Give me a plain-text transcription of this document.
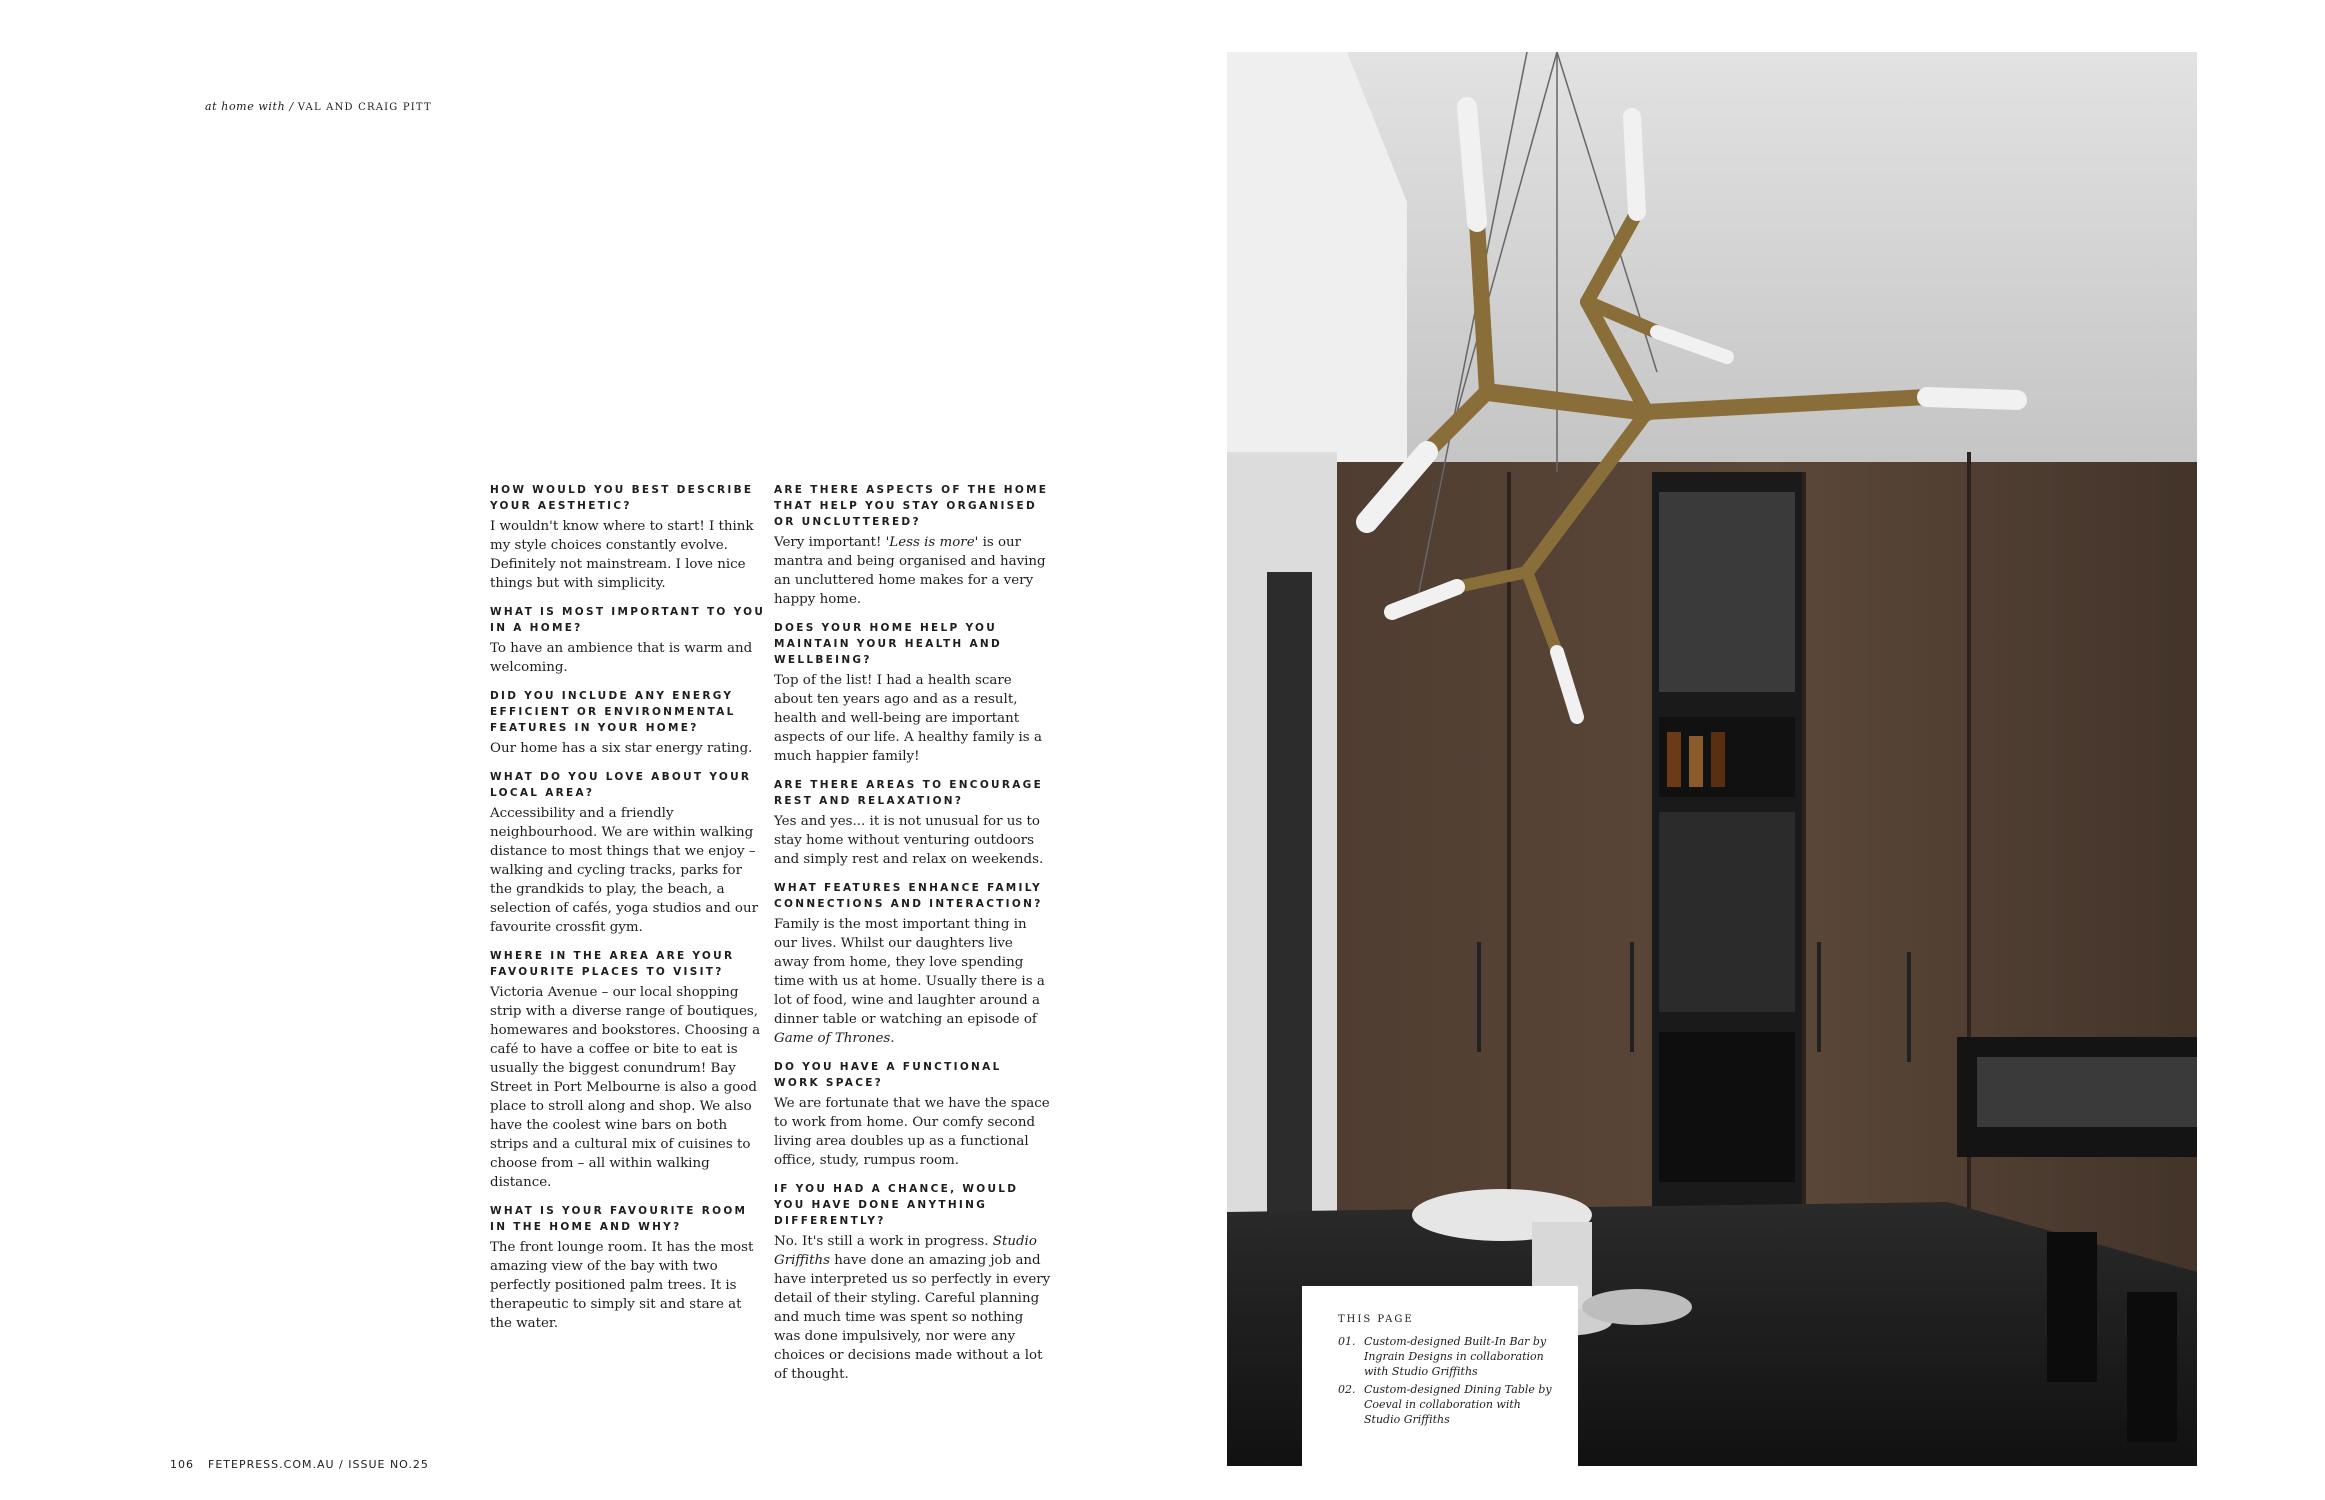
at home with / VAL AND CRAIG PITT

HOW WOULD YOU BEST DESCRIBE YOUR AESTHETIC?

I wouldn't know where to start! I think my style choices constantly evolve. Definitely not mainstream. I love nice things but with simplicity.

WHAT IS MOST IMPORTANT TO YOU IN A HOME?

To have an ambience that is warm and welcoming.

DID YOU INCLUDE ANY ENERGY EFFICIENT OR ENVIRONMENTAL FEATURES IN YOUR HOME?

Our home has a six star energy rating.

WHAT DO YOU LOVE ABOUT YOUR LOCAL AREA?

Accessibility and a friendly neighbourhood. We are within walking distance to most things that we enjoy – walking and cycling tracks, parks for the grandkids to play, the beach, a selection of cafés, yoga studios and our favourite crossfit gym.

WHERE IN THE AREA ARE YOUR FAVOURITE PLACES TO VISIT?

Victoria Avenue – our local shopping strip with a diverse range of boutiques, homewares and bookstores. Choosing a café to have a coffee or bite to eat is usually the biggest conundrum! Bay Street in Port Melbourne is also a good place to stroll along and shop. We also have the coolest wine bars on both strips and a cultural mix of cuisines to choose from – all within walking distance.

WHAT IS YOUR FAVOURITE ROOM IN THE HOME AND WHY?

The front lounge room. It has the most amazing view of the bay with two perfectly positioned palm trees. It is therapeutic to simply sit and stare at the water.

ARE THERE ASPECTS OF THE HOME THAT HELP YOU STAY ORGANISED OR UNCLUTTERED?

Very important! 'Less is more' is our mantra and being organised and having an uncluttered home makes for a very happy home.

DOES YOUR HOME HELP YOU MAINTAIN YOUR HEALTH AND WELLBEING?

Top of the list! I had a health scare about ten years ago and as a result, health and well-being are important aspects of our life. A healthy family is a much happier family!

ARE THERE AREAS TO ENCOURAGE REST AND RELAXATION?

Yes and yes... it is not unusual for us to stay home without venturing outdoors and simply rest and relax on weekends.

WHAT FEATURES ENHANCE FAMILY CONNECTIONS AND INTERACTION?

Family is the most important thing in our lives. Whilst our daughters live away from home, they love spending time with us at home. Usually there is a lot of food, wine and laughter around a dinner table or watching an episode of Game of Thrones.

DO YOU HAVE A FUNCTIONAL WORK SPACE?

We are fortunate that we have the space to work from home. Our comfy second living area doubles up as a functional office, study, rumpus room.

IF YOU HAD A CHANCE, WOULD YOU HAVE DONE ANYTHING DIFFERENTLY?

No. It's still a work in progress. Studio Griffiths have done an amazing job and have interpreted us so perfectly in every detail of their styling. Careful planning and much time was spent so nothing was done impulsively, nor were any choices or decisions made without a lot of thought.

106 FETEPRESS.COM.AU / ISSUE NO.25
THIS PAGE
01. Custom-designed Built-In Bar by Ingrain Designs in collaboration with Studio Griffiths
02. Custom-designed Dining Table by Coeval in collaboration with Studio Griffiths
